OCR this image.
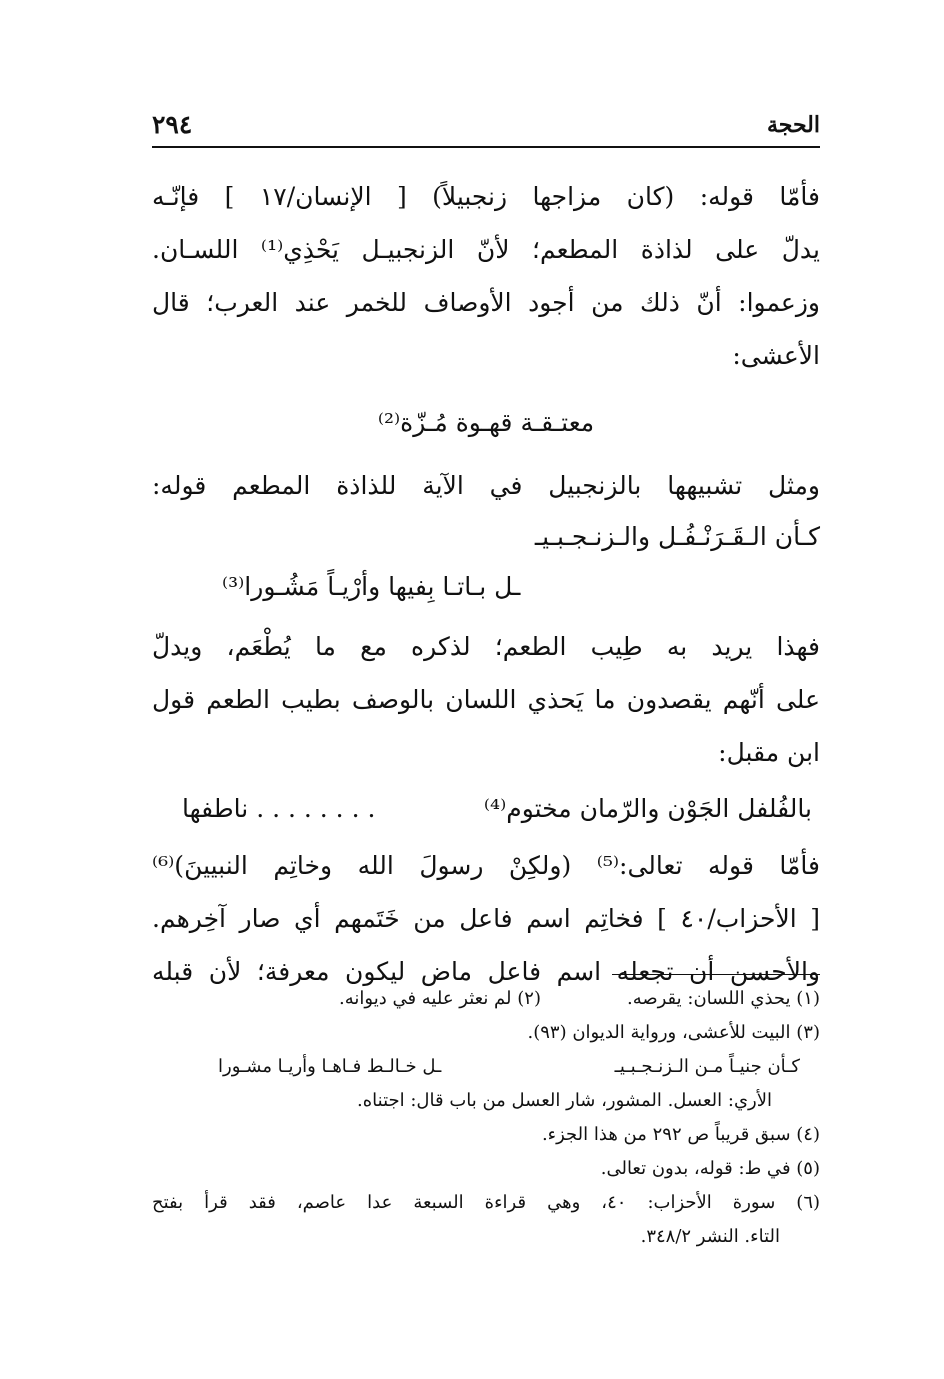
الحجة
٢٩٤
فأمّا قوله: (كان مزاجها زنجبيلاً) [ الإنسان/١٧ ] فإنّـه
يدلّ على لذاذة المطعم؛ لأنّ الزنجبيـل يَحْذِي⁽¹⁾ اللسـان.
وزعموا: أنّ ذلك من أجود الأوصاف للخمر عند العرب؛ قال
الأعشى:
معتـقـة قهـوة مُـزّة⁽²⁾
ومثل تشبيهها بالزنجبيل في الآية للذاذة المطعم قوله:
كـأن الـقَـرَنْـفُـل والـزنـجـبـيـ
ـل بـاتـا بِفيها وأرْيـاً مَشُـورا⁽³⁾
فهذا يريد به طِيب الطعم؛ لذكره مع ما يُطْعَم، ويدلّ
على أنّهم يقصدون ما يَحذي اللسان بالوصف بطيب الطعم قول
ابن مقبل:
بالفُلفل الجَوْن والرّمان مختوم⁽⁴⁾
. . . . . . . . ناطفها
فأمّا قوله تعالى:⁽⁵⁾ (ولكِنْ رسولَ الله وخاتِم النبيينَ)⁽⁶⁾
[ الأحزاب/٤٠ ] فخاتِم اسم فاعل من خَتَمهم أي صار آخِرهم.
والأحسن أن تجعله اسم فاعل ماض ليكون معرفة؛ لأن قبله
(١) يحذي اللسان: يقرصه.
(٢) لم نعثر عليه في ديوانه.
(٣) البيت للأعشى، ورواية الديوان (٩٣).
كـأن جنيـاً مـن الـزنـجـبـيـ
ـل خـالـط فـاهـا وأريـا مشـورا
الأري: العسل. المشور، شار العسل من باب قال: اجتناه.
(٤) سبق قريباً ص ٢٩٢ من هذا الجزء.
(٥) في ط: قوله، بدون تعالى.
(٦) سورة الأحزاب: ٤٠، وهي قراءة السبعة عدا عاصم، فقد قرأ بفتح
التاء. النشر ٣٤٨/٢.
